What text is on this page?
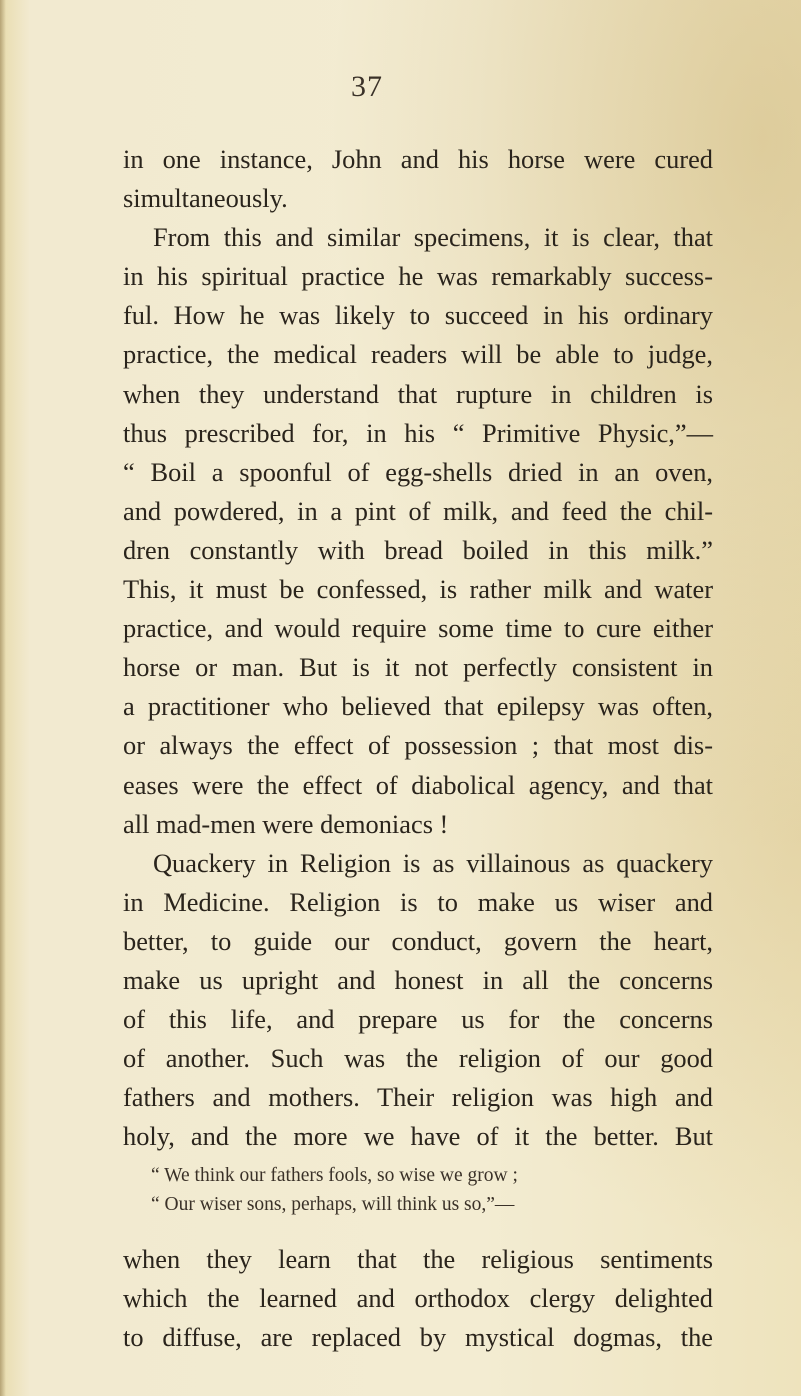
37
in one instance, John and his horse were cured
simultaneously.
From this and similar specimens, it is clear, that
in his spiritual practice he was remarkably success-
ful. How he was likely to succeed in his ordinary
practice, the medical readers will be able to judge,
when they understand that rupture in children is
thus prescribed for, in his “ Primitive Physic,”—
“ Boil a spoonful of egg-shells dried in an oven,
and powdered, in a pint of milk, and feed the chil-
dren constantly with bread boiled in this milk.”
This, it must be confessed, is rather milk and water
practice, and would require some time to cure either
horse or man. But is it not perfectly consistent in
a practitioner who believed that epilepsy was often,
or always the effect of possession ; that most dis-
eases were the effect of diabolical agency, and that
all mad-men were demoniacs !
Quackery in Religion is as villainous as quackery
in Medicine. Religion is to make us wiser and
better, to guide our conduct, govern the heart,
make us upright and honest in all the concerns
of this life, and prepare us for the concerns
of another. Such was the religion of our good
fathers and mothers. Their religion was high and
holy, and the more we have of it the better. But
“ We think our fathers fools, so wise we grow ;
“ Our wiser sons, perhaps, will think us so,”—
when they learn that the religious sentiments
which the learned and orthodox clergy delighted
to diffuse, are replaced by mystical dogmas, the
